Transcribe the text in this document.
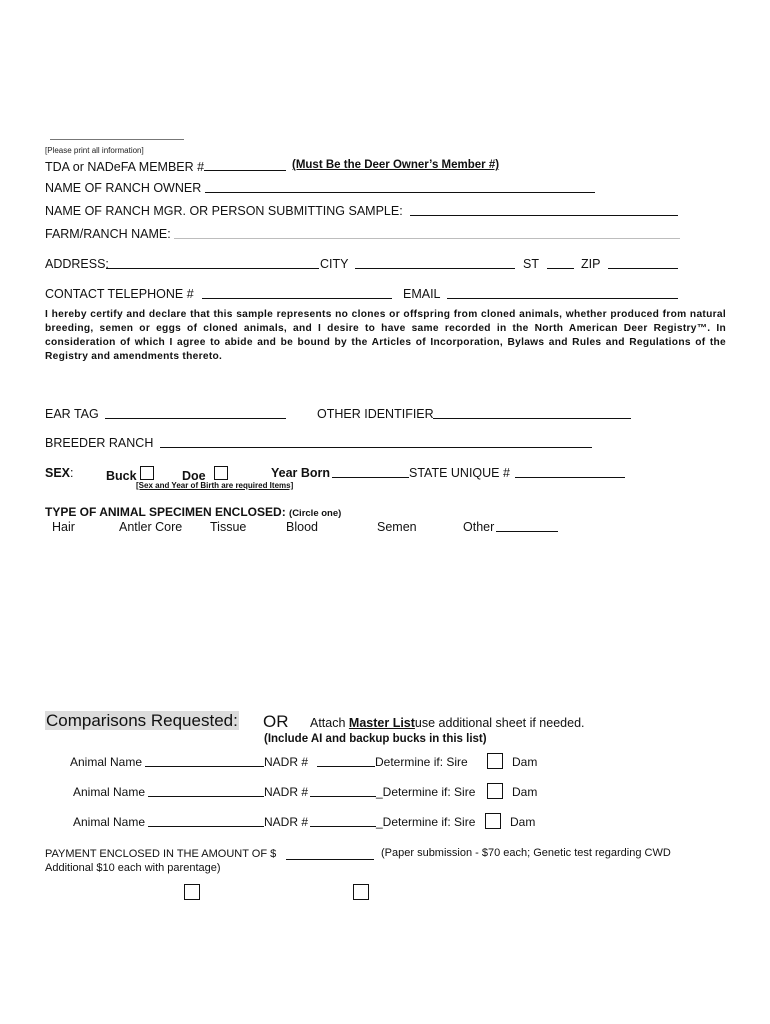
[Please print all information]
TDA or NADeFA MEMBER #	(Must Be the Deer Owner’s Member #)
NAME OF RANCH OWNER
NAME OF RANCH MGR. OR PERSON SUBMITTING SAMPLE:
FARM/RANCH NAME:
ADDRESS:	CITY	ST	ZIP
CONTACT TELEPHONE #	EMAIL
I hereby certify and declare that this sample represents no clones or offspring from cloned animals, whether produced from natural breeding, semen or eggs of cloned animals, and I desire to have same recorded in the North American Deer Registry™. In consideration of which I agree to abide and be bound by the Articles of Incorporation, Bylaws and Rules and Regulations of the Registry and amendments thereto.
EAR TAG	OTHER IDENTIFIER
BREEDER RANCH
SEX:	Buck	Doe	Year Born	STATE UNIQUE #
[Sex and Year of Birth are required Items]
TYPE OF ANIMAL SPECIMEN ENCLOSED: (Circle one)
Hair	Antler Core Tissue	Blood	Semen	Other
Comparisons Requested: OR Attach Master Listuse additional sheet if needed.
(Include AI and backup bucks in this list)
Animal Name	NADR #	Determine if: Sire	Dam
Animal Name	NADR #	_Determine if: Sire	Dam
Animal Name	NADR #	_Determine if: Sire	Dam
PAYMENT ENCLOSED IN THE AMOUNT OF $	(Paper submission - $70 each; Genetic test regarding CWD
Additional $10 each with parentage)
